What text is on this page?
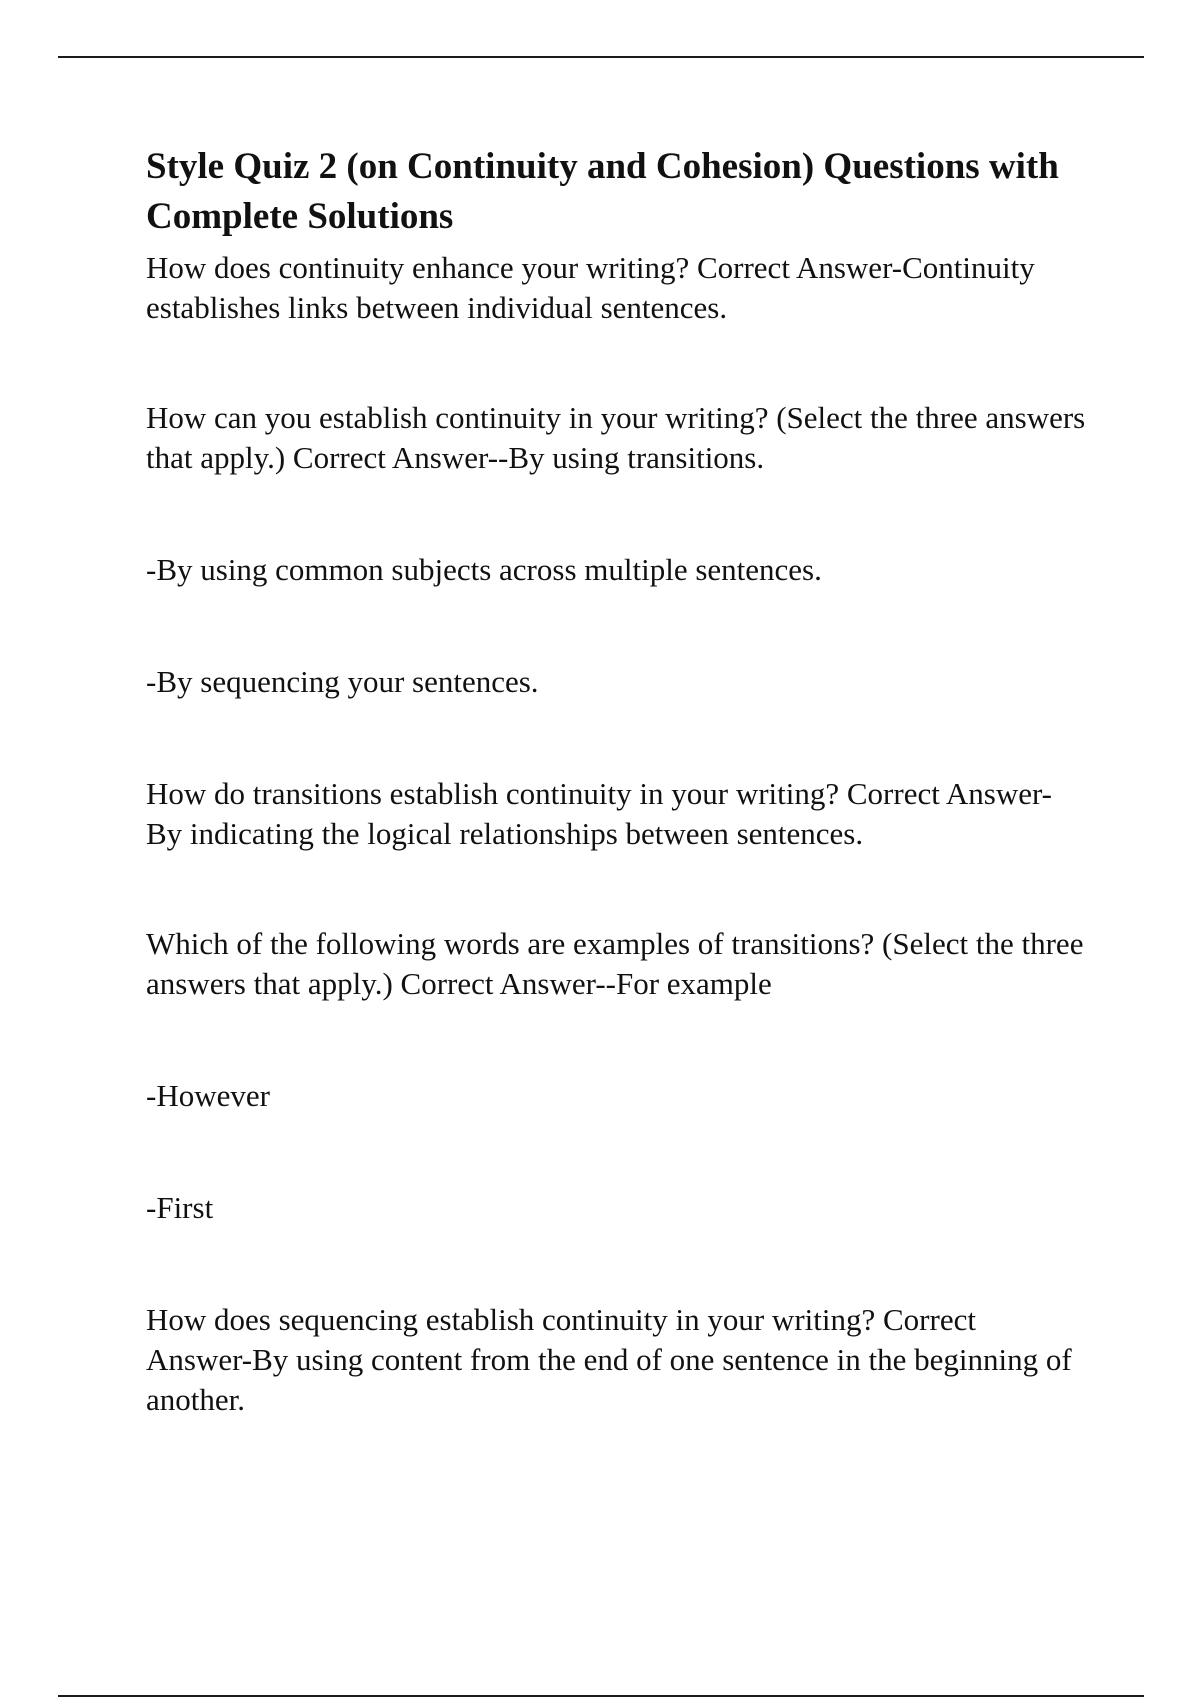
Style Quiz 2 (on Continuity and Cohesion) Questions with Complete Solutions

How does continuity enhance your writing? Correct Answer-Continuity establishes links between individual sentences.

How can you establish continuity in your writing? (Select the three answers that apply.) Correct Answer--By using transitions.

-By using common subjects across multiple sentences.

-By sequencing your sentences.

How do transitions establish continuity in your writing? Correct Answer-By indicating the logical relationships between sentences.

Which of the following words are examples of transitions? (Select the three answers that apply.) Correct Answer--For example

-However

-First

How does sequencing establish continuity in your writing? Correct Answer-By using content from the end of one sentence in the beginning of another.
